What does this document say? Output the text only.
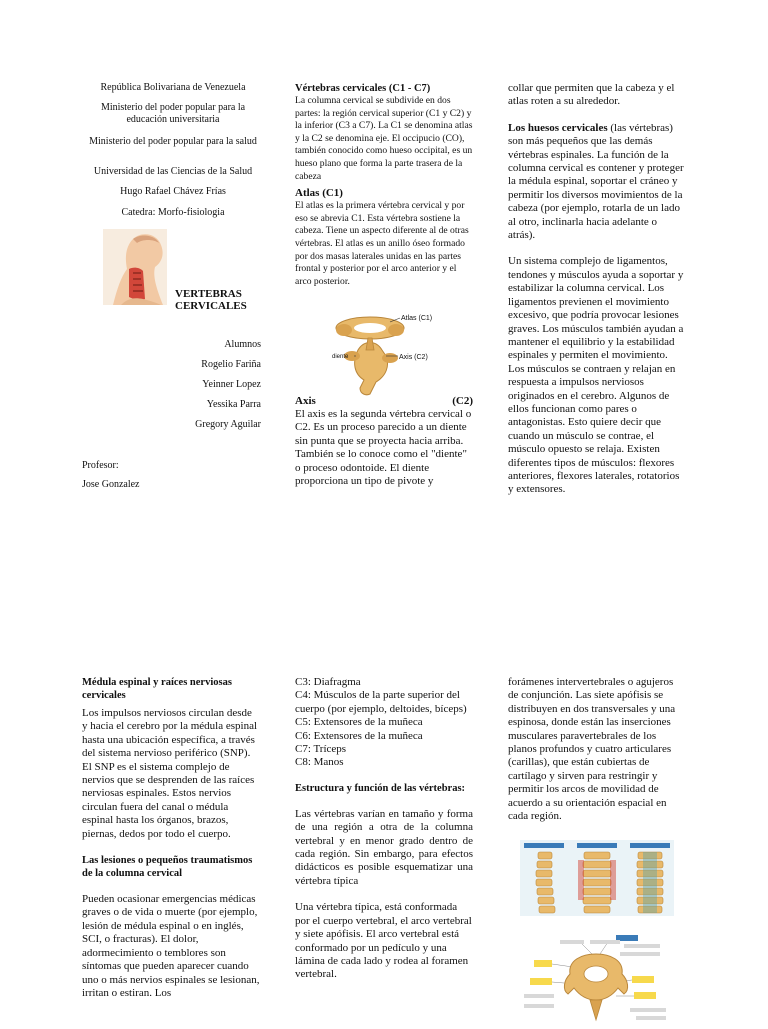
República Bolivariana de Venezuela

Ministerio del poder popular para la educación universitaria

Ministerio del poder popular para la salud

Universidad de las Ciencias de la Salud

Hugo Rafael Chávez Frías

Catedra: Morfo-fisiologia

VERTEBRAS CERVICALES

Alumnos

Rogelio Fariña

Yeinner Lopez

Yessika Parra

Gregory Aguilar

Profesor:

Jose Gonzalez

Vértebras cervicales (C1 - C7)

La columna cervical se subdivide en dos partes: la región cervical superior (C1 y C2) y la inferior (C3 a C7). La C1 se denomina atlas y la C2 se denomina eje. El occipucio (CO), también conocido como hueso occipital, es un hueso plano que forma la parte trasera de la cabeza

Atlas (C1)

El atlas es la primera vértebra cervical y por eso se abrevia C1. Esta vértebra sostiene la cabeza. Tiene un aspecto diferente al de otras vértebras. El atlas es un anillo óseo formado por dos masas laterales unidas en las partes frontal y posterior por el arco anterior y el arco posterior.

Atlas (C1)
diente	Axis (C2)
Axis	(C2)

El axis es la segunda vértebra cervical o C2. Es un proceso parecido a un diente sin punta que se proyecta hacia arriba. También se lo conoce como el "diente" o proceso odontoide. El diente proporciona un tipo de pivote y

collar que permiten que la cabeza y el atlas roten a su alrededor.

Los huesos cervicales (las vértebras) son más pequeños que las demás vértebras espinales. La función de la columna cervical es contener y proteger la médula espinal, soportar el cráneo y permitir los diversos movimientos de la cabeza (por ejemplo, rotarla de un lado al otro, inclinarla hacia adelante o atrás).

Un sistema complejo de ligamentos, tendones y músculos ayuda a soportar y estabilizar la columna cervical. Los ligamentos previenen el movimiento excesivo, que podría provocar lesiones graves. Los músculos también ayudan a mantener el equilibrio y la estabilidad espinales y permiten el movimiento. Los músculos se contraen y relajan en respuesta a impulsos nerviosos originados en el cerebro. Algunos de ellos funcionan como pares o antagonistas. Esto quiere decir que cuando un músculo se contrae, el músculo opuesto se relaja. Existen diferentes tipos de músculos: flexores anteriores, flexores laterales, rotatorios y extensores.

Médula espinal y raíces nerviosas cervicales

Los impulsos nerviosos circulan desde y hacia el cerebro por la médula espinal hasta una ubicación específica, a través del sistema nervioso periférico (SNP). El SNP es el sistema complejo de nervios que se desprenden de las raíces nerviosas espinales. Estos nervios circulan fuera del canal o médula espinal hasta los órganos, brazos, piernas, dedos por todo el cuerpo.

Las lesiones o pequeños traumatismos de la columna cervical

Pueden ocasionar emergencias médicas graves o de vida o muerte (por ejemplo, lesión de médula espinal o en inglés, SCI, o fracturas). El dolor, adormecimiento o temblores son síntomas que pueden aparecer cuando uno o más nervios espinales se lesionan, irritan o estiran. Los

C3: Diafragma

C4: Músculos de la parte superior del cuerpo (por ejemplo, deltoides, bíceps)

C5: Extensores de la muñeca

C6: Extensores de la muñeca

C7: Tríceps

C8: Manos

Estructura y función de las vértebras:

Las vértebras varían en tamaño y forma de una región a otra de la columna vertebral y en menor grado dentro de cada región. Sin embargo, para efectos didácticos es posible esquematizar una vértebra típica

Una vértebra típica, está conformada por el cuerpo vertebral, el arco vertebral y siete apófisis. El arco vertebral está conformado por un pedículo y una lámina de cada lado y rodea al foramen vertebral.

forámenes intervertebrales o agujeros de conjunción. Las siete apófisis se distribuyen en dos transversales y una espinosa, donde están las inserciones musculares paravertebrales de los planos profundos y cuatro articulares (carillas), que están cubiertas de cartílago y sirven para restringir y permitir los arcos de movilidad de acuerdo a su orientación espacial en cada región.
